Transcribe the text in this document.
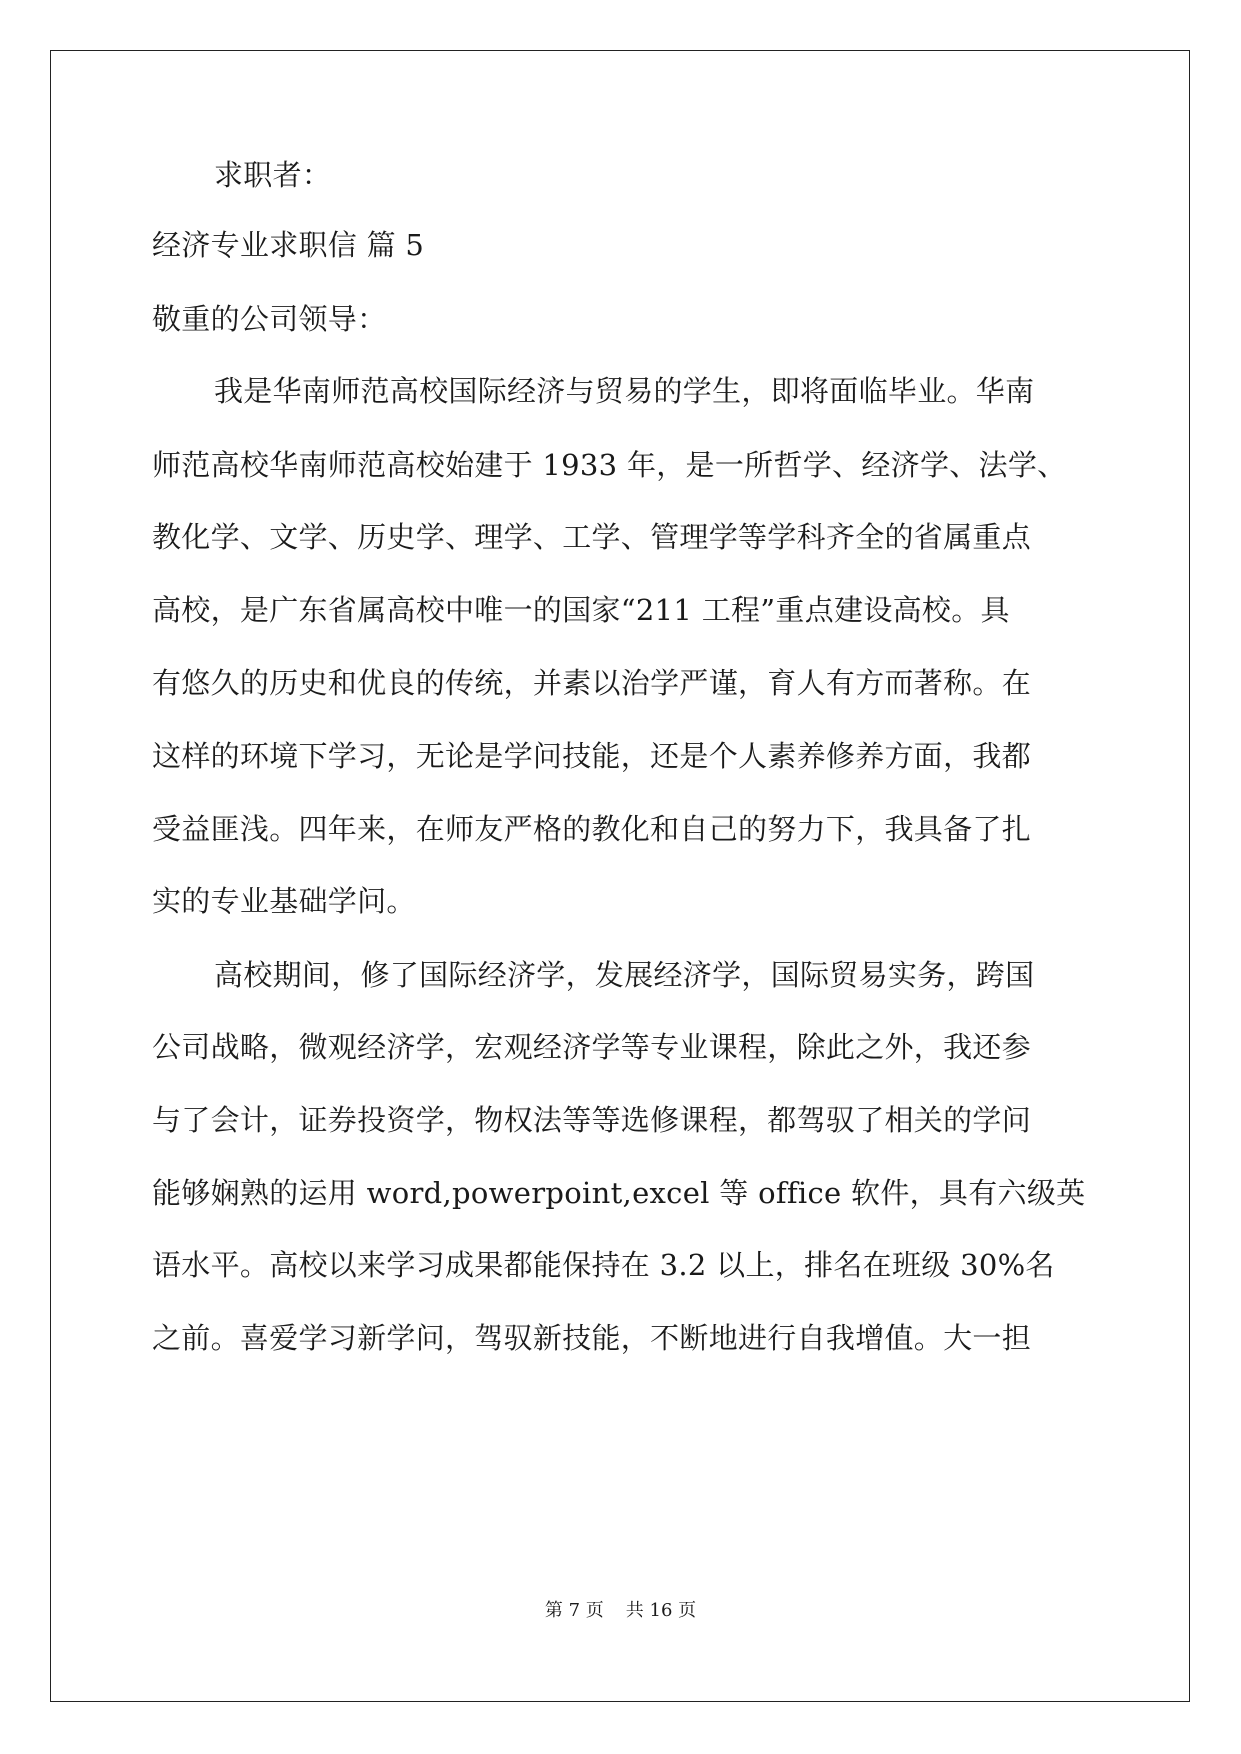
求职者：
经济专业求职信 篇 5
敬重的公司领导：
我是华南师范高校国际经济与贸易的学生，即将面临毕业。华南
师范高校华南师范高校始建于 1933 年，是一所哲学、经济学、法学、
教化学、文学、历史学、理学、工学、管理学等学科齐全的省属重点
高校，是广东省属高校中唯一的国家“211 工程”重点建设高校。具
有悠久的历史和优良的传统，并素以治学严谨，育人有方而著称。在
这样的环境下学习，无论是学问技能，还是个人素养修养方面，我都
受益匪浅。四年来，在师友严格的教化和自己的努力下，我具备了扎
实的专业基础学问。
高校期间，修了国际经济学，发展经济学，国际贸易实务，跨国
公司战略，微观经济学，宏观经济学等专业课程，除此之外，我还参
与了会计，证券投资学，物权法等等选修课程，都驾驭了相关的学问
能够娴熟的运用 word,powerpoint,excel 等 office 软件，具有六级英
语水平。高校以来学习成果都能保持在 3.2 以上，排名在班级 30%名
之前。喜爱学习新学问，驾驭新技能，不断地进行自我增值。大一担
第 7 页 共 16 页
